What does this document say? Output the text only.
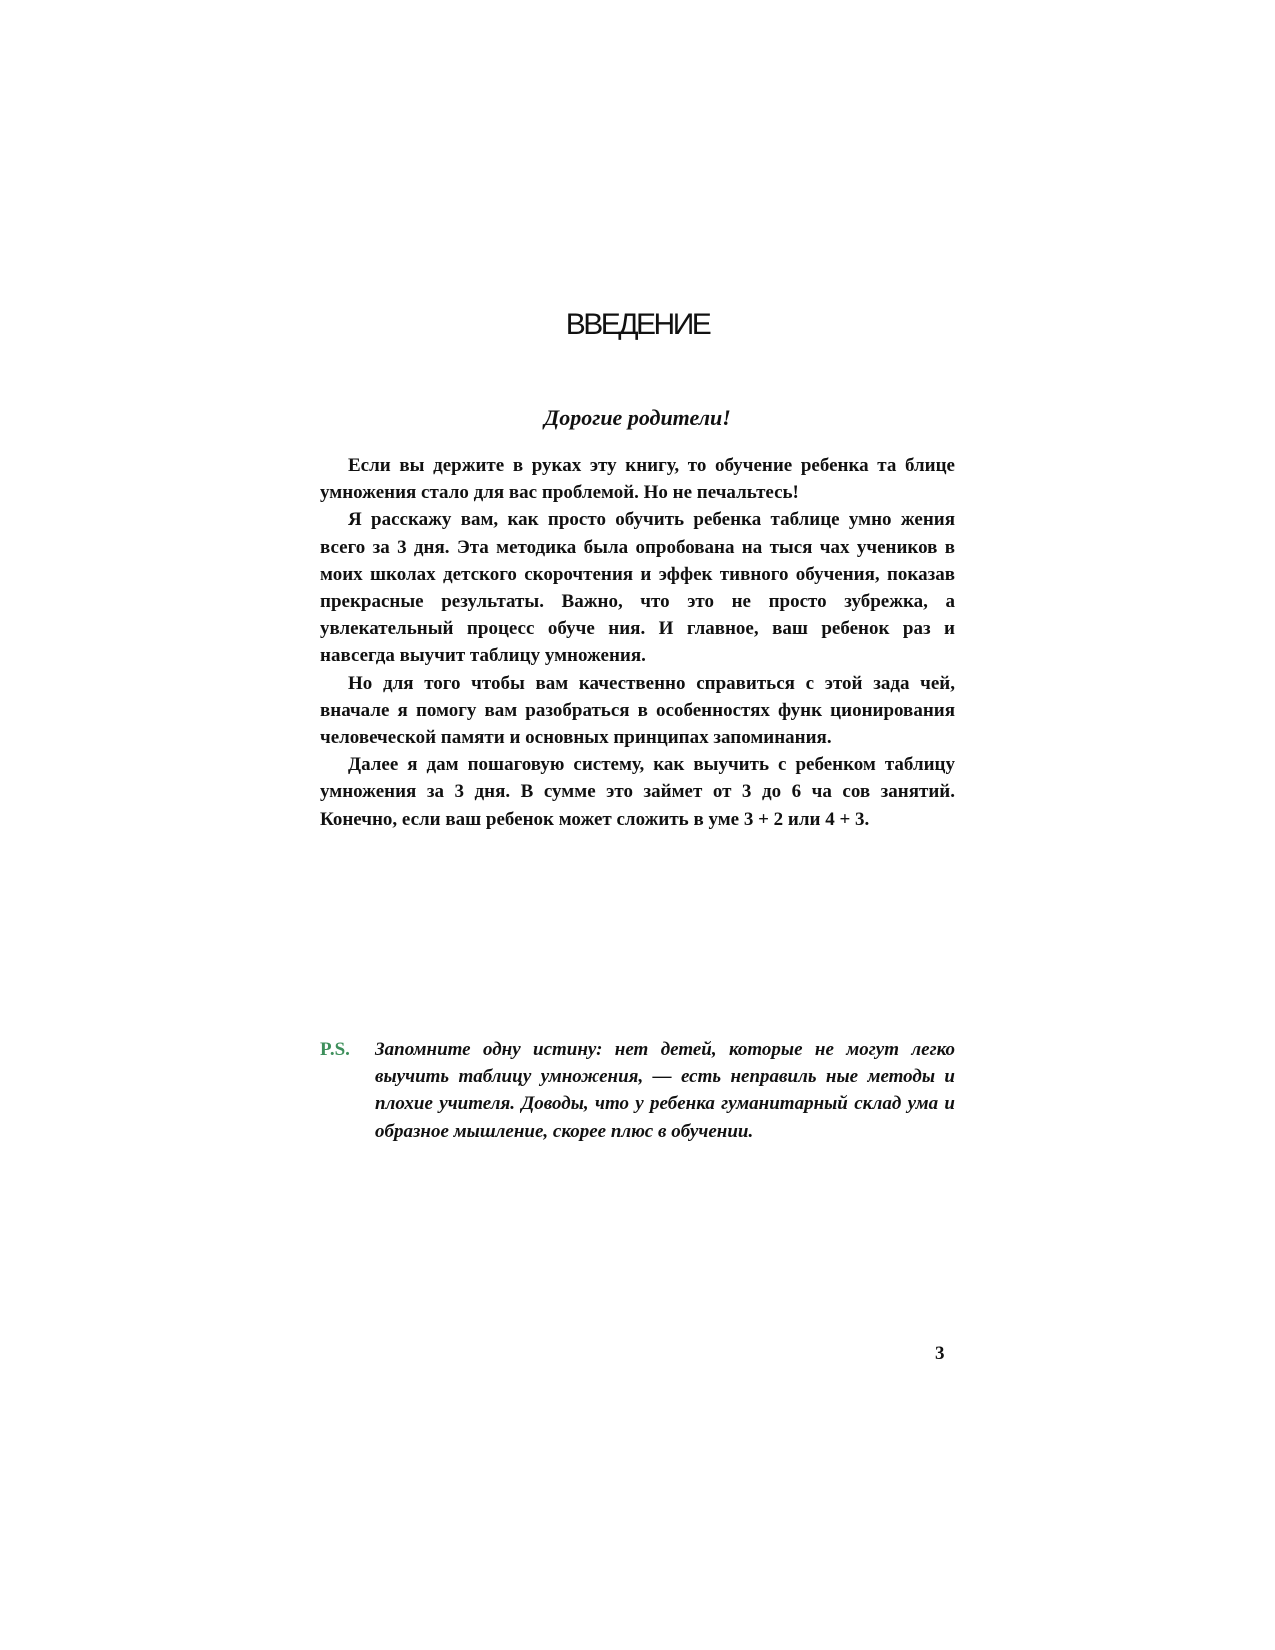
ВВЕДЕНИЕ
Дорогие родители!

Если вы держите в руках эту книгу, то обучение ребенка та блице умножения стало для вас проблемой. Но не печальтесь!

Я расскажу вам, как просто обучить ребенка таблице умно жения всего за 3 дня. Эта методика была опробована на тыся чах учеников в моих школах детского скорочтения и эффек тивного обучения, показав прекрасные результаты. Важно, что это не просто зубрежка, а увлекательный процесс обуче ния. И главное, ваш ребенок раз и навсегда выучит таблицу умножения.

Но для того чтобы вам качественно справиться с этой зада чей, вначале я помогу вам разобраться в особенностях функ ционирования человеческой памяти и основных принципах запоминания.

Далее я дам пошаговую систему, как выучить с ребенком таблицу умножения за 3 дня. В сумме это займет от 3 до 6 ча сов занятий. Конечно, если ваш ребенок может сложить в уме 3 + 2 или 4 + 3.

P.S. Запомните одну истину: нет детей, которые не могут легко выучить таблицу умножения, — есть неправиль ные методы и плохие учителя. Доводы, что у ребенка гуманитарный склад ума и образное мышление, скорее плюс в обучении.

3
